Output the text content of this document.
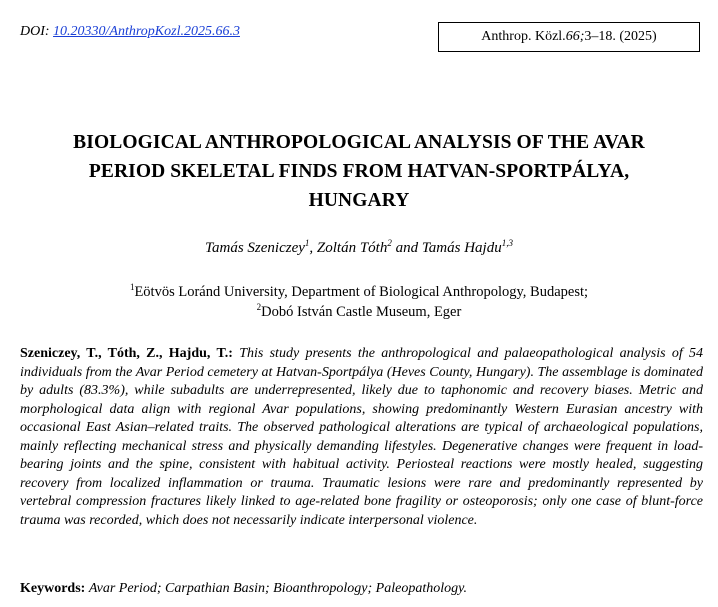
DOI: 10.20330/AnthropKozl.2025.66.3	Anthrop. Közl. 66; 3–18. (2025)
BIOLOGICAL ANTHROPOLOGICAL ANALYSIS OF THE AVAR
PERIOD SKELETAL FINDS FROM HATVAN-SPORTPÁLYA,
HUNGARY
Tamás Szeniczey$^1$, Zoltán Tóth$^2$ and Tamás Hajdu$^{1,3}$
$^1$Eötvös Loránd University, Department of Biological Anthropology, Budapest;
$^2$Dobó István Castle Museum, Eger
Szeniczey, T., Tóth, Z., Hajdu, T.: This study presents the anthropological and palaeopathological analysis of 54 individuals from the Avar Period cemetery at Hatvan-Sportpálya (Heves County, Hungary). The assemblage is dominated by adults (83.3%), while subadults are underrepresented, likely due to taphonomic and recovery biases. Metric and morphological data align with regional Avar populations, showing predominantly Western Eurasian ancestry with occasional East Asian–related traits. The observed pathological alterations are typical of archaeological populations, mainly reflecting mechanical stress and physically demanding lifestyles. Degenerative changes were frequent in load-bearing joints and the spine, consistent with habitual activity. Periosteal reactions were mostly healed, suggesting recovery from localized inflammation or trauma. Traumatic lesions were rare and predominantly represented by vertebral compression fractures likely linked to age-related bone fragility or osteoporosis; only one case of blunt-force trauma was recorded, which does not necessarily indicate interpersonal violence.
Keywords: Avar Period; Carpathian Basin; Bioanthropology; Paleopathology.
